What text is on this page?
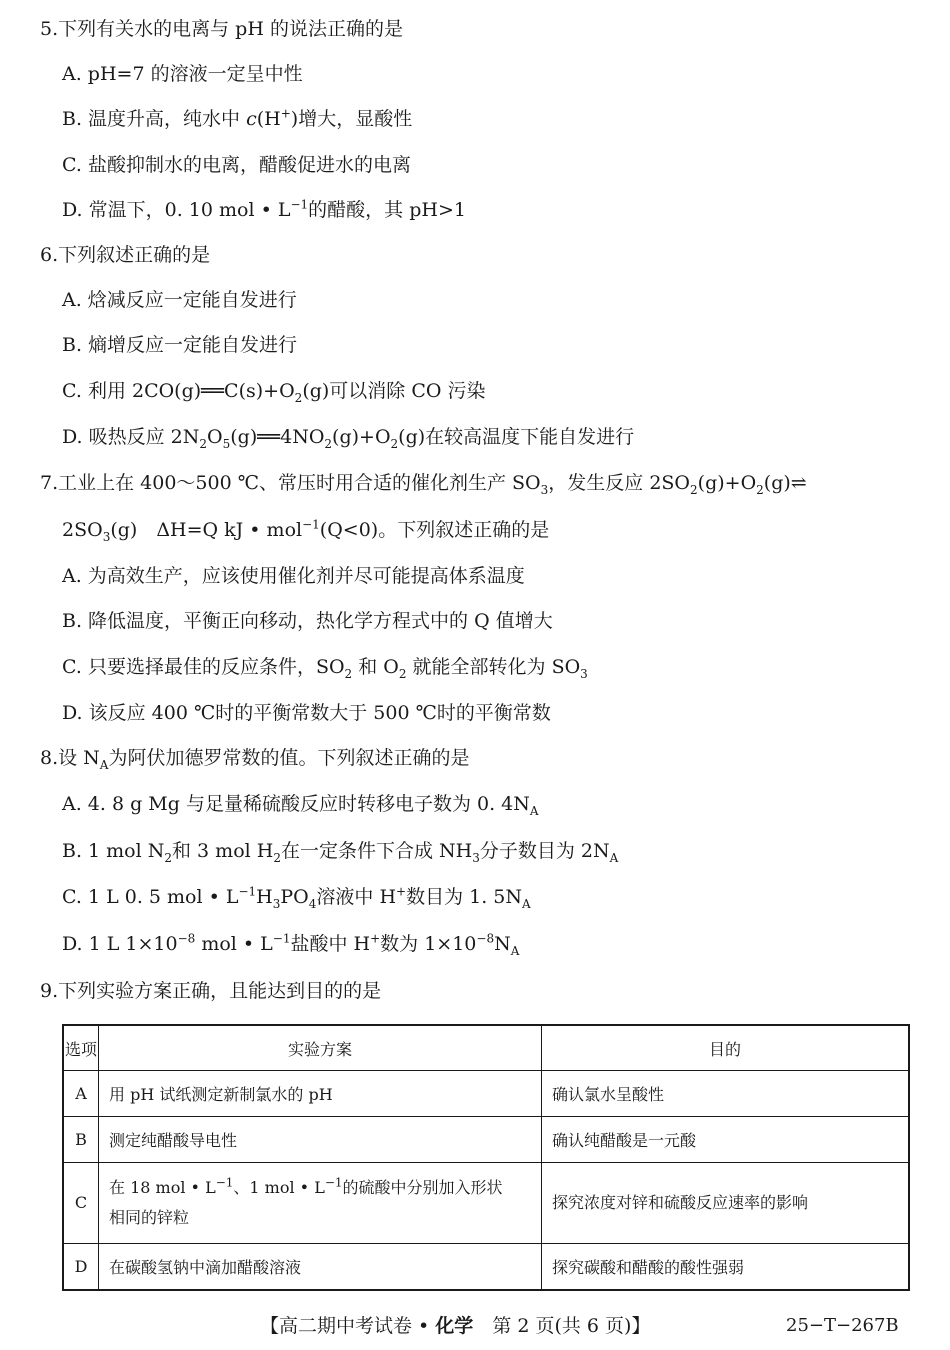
5.下列有关水的电离与 pH 的说法正确的是
A. pH=7 的溶液一定呈中性
B. 温度升高，纯水中 c(H+)增大，显酸性
C. 盐酸抑制水的电离，醋酸促进水的电离
D. 常温下，0. 10 mol • $L^{-1}$的醋酸，其 pH>1
6.下列叙述正确的是
A. 焓减反应一定能自发进行
B. 熵增反应一定能自发进行
C. 利用 $2CO(g)══C(s)+O_2(g)$可以消除 CO 污染
D. 吸热反应 $2N_2O_5(g)══4NO_2(g)+O_2(g)$在较高温度下能自发进行
7.工业上在 400～500 ℃、常压时用合适的催化剂生产 $SO_3$，发生反应 $2SO_2(g)+O_2(g)\rightleftharpoons$
$2SO_3(g)$　ΔH=Q kJ • mol$^{-1}$(Q<0)。下列叙述正确的是
A. 为高效生产，应该使用催化剂并尽可能提高体系温度
B. 降低温度，平衡正向移动，热化学方程式中的 Q 值增大
C. 只要选择最佳的反应条件，$SO_2$ 和 $O_2$ 就能全部转化为 $SO_3$
D. 该反应 400 ℃时的平衡常数大于 500 ℃时的平衡常数
8.设 $N_A$为阿伏加德罗常数的值。下列叙述正确的是
A. 4. 8 g Mg 与足量稀硫酸反应时转移电子数为 0. $4N_A$
B. 1 mol $N_2$和 3 mol $H_2$在一定条件下合成 $NH_3$分子数目为 $2N_A$
C. 1 L 0. 5 mol • $L^{-1}H_3PO_4$溶液中 H+数目为 1. $5N_A$
D. 1 L $1\times 10^{-8}$ mol • $L^{-1}$盐酸中 H+数为 $1\times 10^{-8}N_A$
9.下列实验方案正确，且能达到目的的是
选项	实验方案	目的
A	用 pH 试纸测定新制氯水的 pH	确认氯水呈酸性
B	测定纯醋酸导电性	确认纯醋酸是一元酸
C	在 18 mol • $L^{-1}$、1 mol • $L^{-1}$的硫酸中分别加入形状
相同的锌粒	探究浓度对锌和硫酸反应速率的影响
D	在碳酸氢钠中滴加醋酸溶液	探究碳酸和醋酸的酸性强弱
【高二期中考试卷 • 化学　第 2 页(共 6 页)】	25−T−267B
